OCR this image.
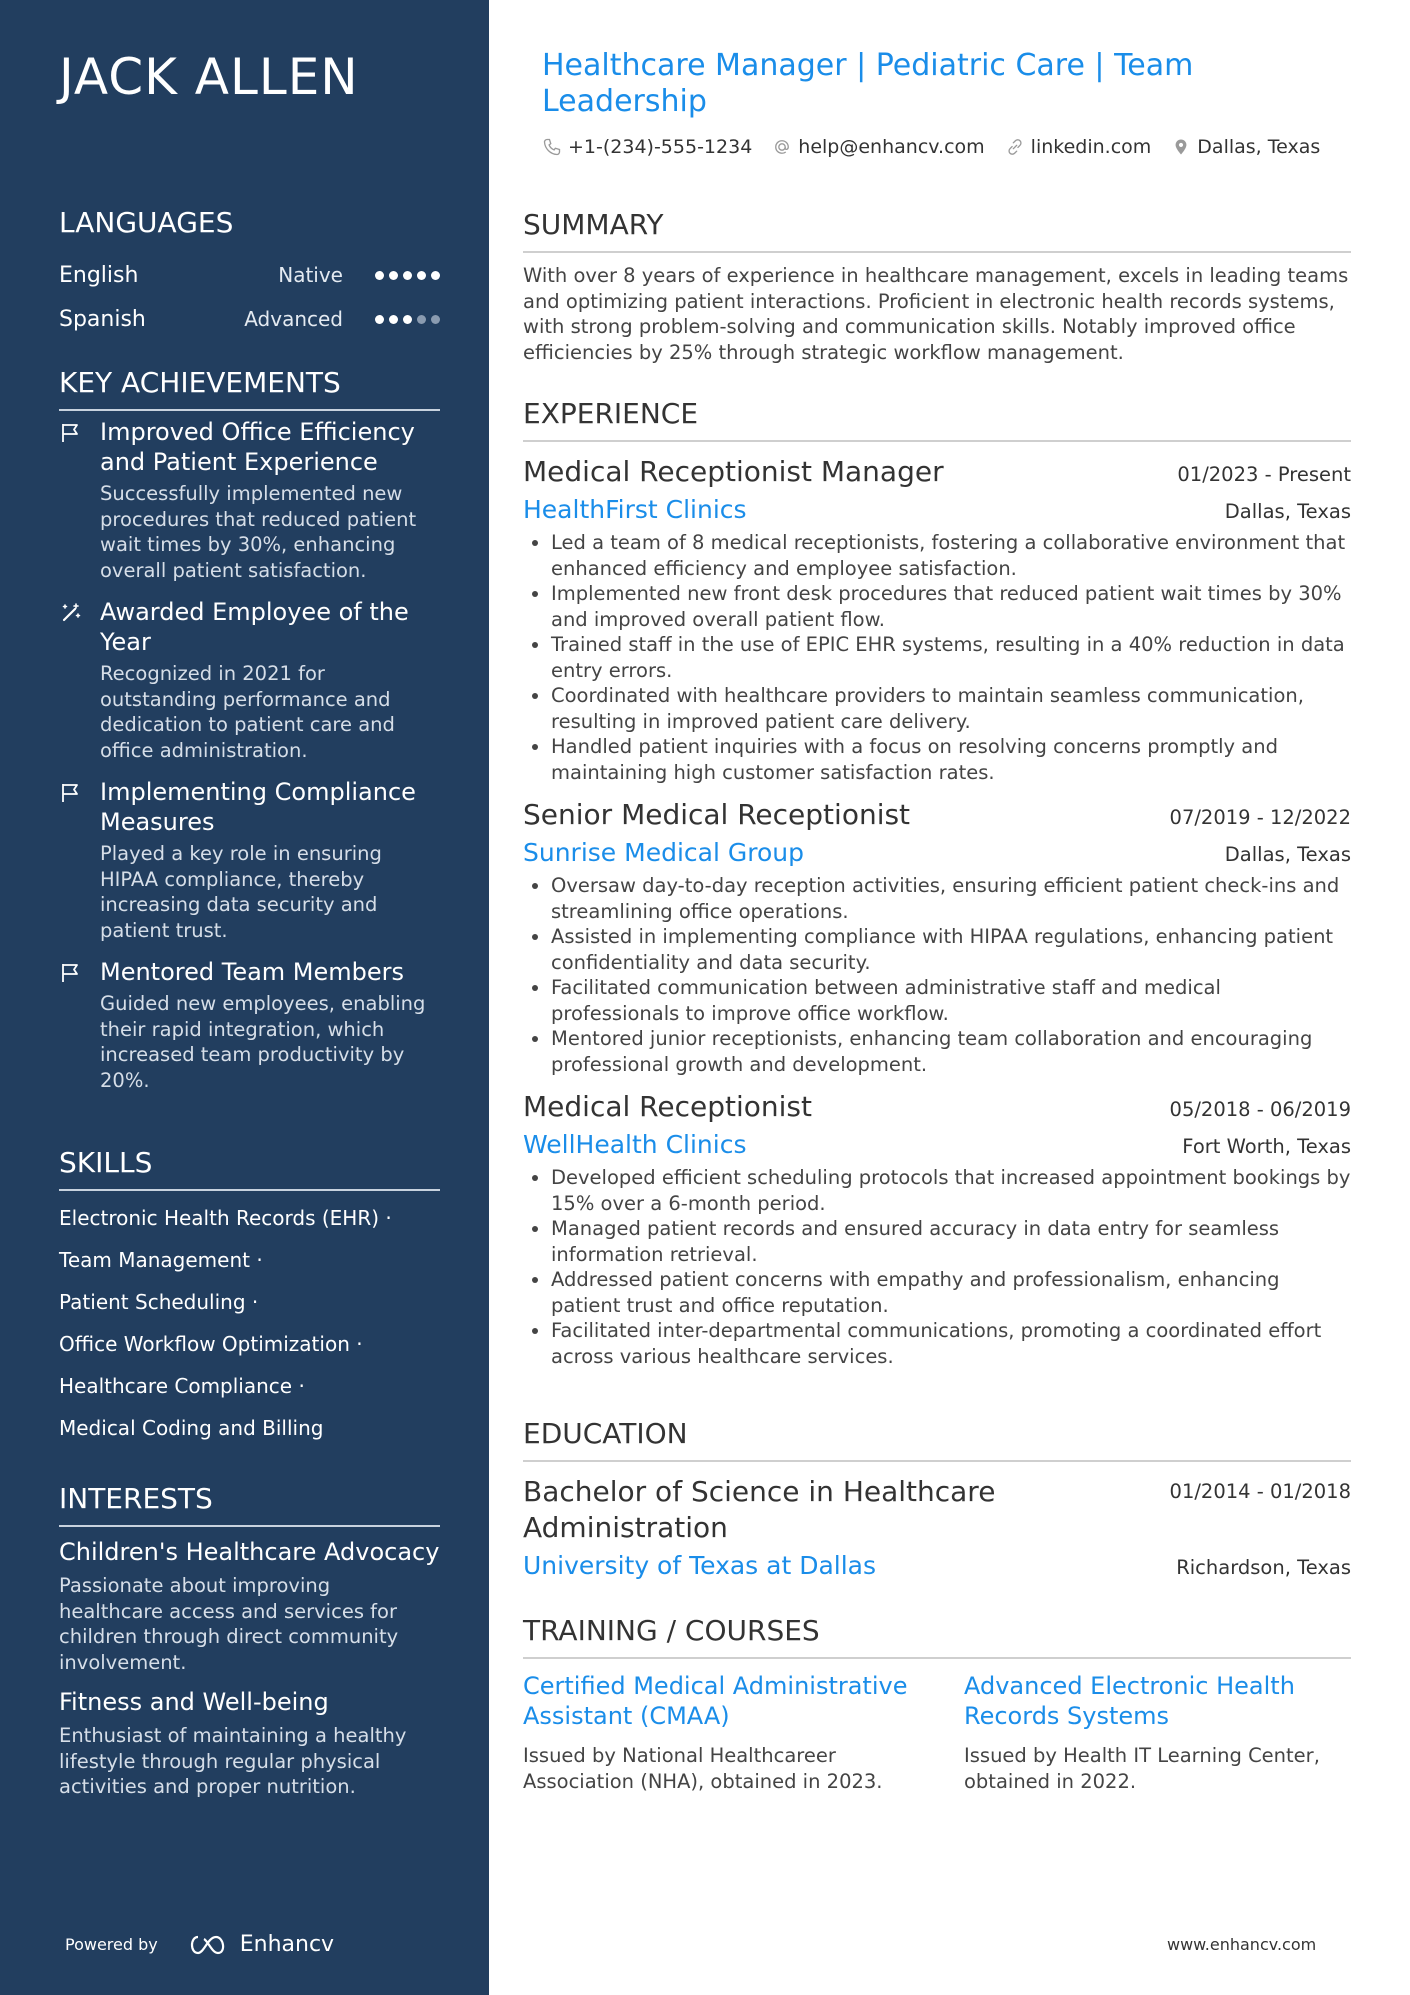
JACK ALLEN
LANGUAGES
English	Native
Spanish	Advanced
KEY ACHIEVEMENTS
Improved Office Efficiency and Patient Experience
Successfully implemented new procedures that reduced patient wait times by 30%, enhancing overall patient satisfaction.
Awarded Employee of the Year
Recognized in 2021 for outstanding performance and dedication to patient care and office administration.
Implementing Compliance Measures
Played a key role in ensuring HIPAA compliance, thereby increasing data security and patient trust.
Mentored Team Members
Guided new employees, enabling their rapid integration, which increased team productivity by 20%.
SKILLS
Electronic Health Records (EHR) ·
Team Management ·
Patient Scheduling ·
Office Workflow Optimization ·
Healthcare Compliance ·
Medical Coding and Billing
INTERESTS
Children's Healthcare Advocacy
Passionate about improving healthcare access and services for children through direct community involvement.
Fitness and Well-being
Enthusiast of maintaining a healthy lifestyle through regular physical activities and proper nutrition.
Powered by	Enhancv
Healthcare Manager | Pediatric Care | Team Leadership
+1-(234)-555-1234 help@enhancv.com linkedin.com Dallas, Texas
SUMMARY
With over 8 years of experience in healthcare management, excels in leading teams and optimizing patient interactions. Proficient in electronic health records systems, with strong problem-solving and communication skills. Notably improved office efficiencies by 25% through strategic workflow management.
EXPERIENCE
Medical Receptionist Manager	01/2023 - Present
HealthFirst Clinics	Dallas, Texas
Led a team of 8 medical receptionists, fostering a collaborative environment that enhanced efficiency and employee satisfaction.
Implemented new front desk procedures that reduced patient wait times by 30% and improved overall patient flow.
Trained staff in the use of EPIC EHR systems, resulting in a 40% reduction in data entry errors.
Coordinated with healthcare providers to maintain seamless communication, resulting in improved patient care delivery.
Handled patient inquiries with a focus on resolving concerns promptly and maintaining high customer satisfaction rates.
Senior Medical Receptionist	07/2019 - 12/2022
Sunrise Medical Group	Dallas, Texas
Oversaw day-to-day reception activities, ensuring efficient patient check-ins and streamlining office operations.
Assisted in implementing compliance with HIPAA regulations, enhancing patient confidentiality and data security.
Facilitated communication between administrative staff and medical professionals to improve office workflow.
Mentored junior receptionists, enhancing team collaboration and encouraging professional growth and development.
Medical Receptionist	05/2018 - 06/2019
WellHealth Clinics	Fort Worth, Texas
Developed efficient scheduling protocols that increased appointment bookings by 15% over a 6-month period.
Managed patient records and ensured accuracy in data entry for seamless information retrieval.
Addressed patient concerns with empathy and professionalism, enhancing patient trust and office reputation.
Facilitated inter-departmental communications, promoting a coordinated effort across various healthcare services.
EDUCATION
Bachelor of Science in Healthcare Administration
01/2014 - 01/2018
University of Texas at Dallas	Richardson, Texas
TRAINING / COURSES
Certified Medical Administrative Assistant (CMAA)
Issued by National Healthcareer Association (NHA), obtained in 2023.
Advanced Electronic Health Records Systems
Issued by Health IT Learning Center, obtained in 2022.
www.enhancv.com
